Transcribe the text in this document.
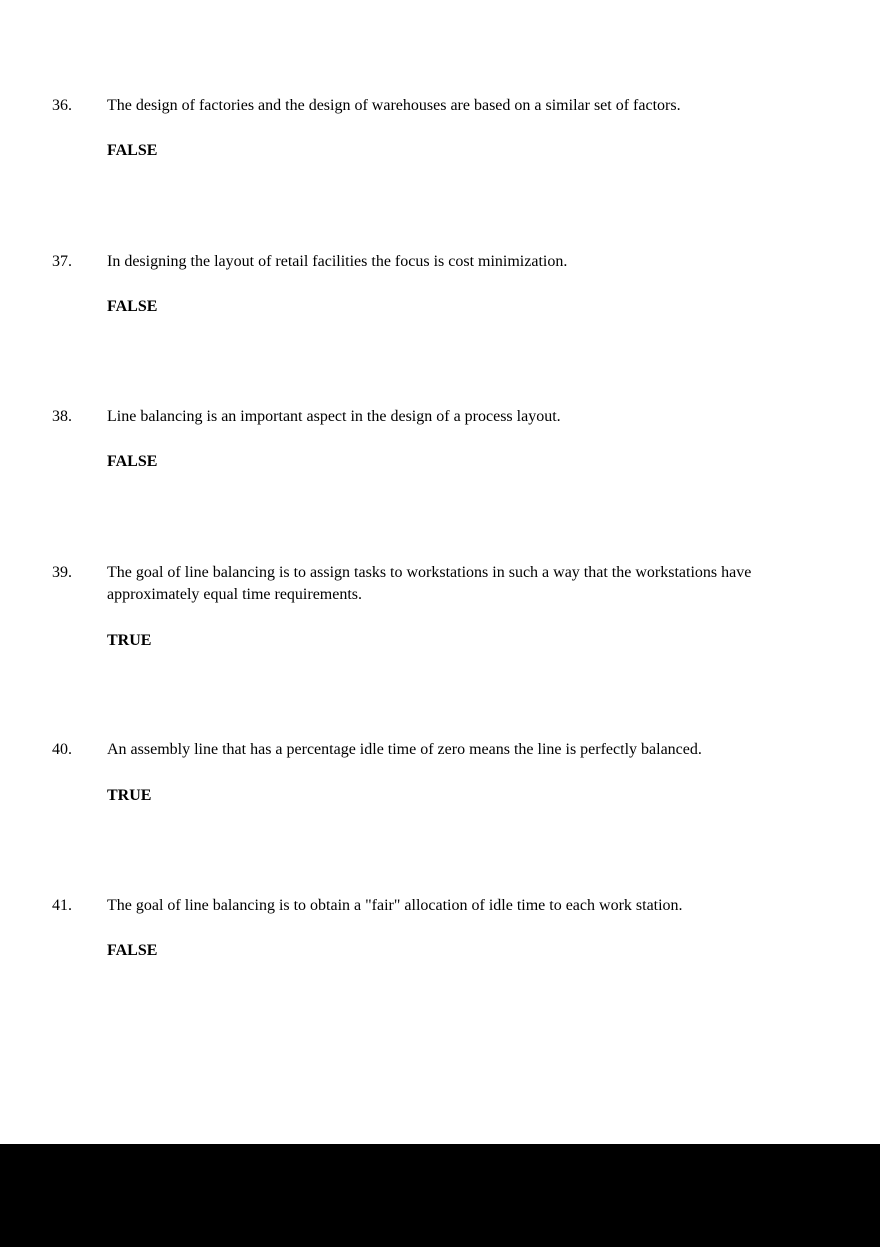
36. The design of factories and the design of warehouses are based on a similar set of factors.
FALSE
37. In designing the layout of retail facilities the focus is cost minimization.
FALSE
38. Line balancing is an important aspect in the design of a process layout.
FALSE
39. The goal of line balancing is to assign tasks to workstations in such a way that the workstations have approximately equal time requirements.
TRUE
40. An assembly line that has a percentage idle time of zero means the line is perfectly balanced.
TRUE
41. The goal of line balancing is to obtain a "fair" allocation of idle time to each work station.
FALSE
